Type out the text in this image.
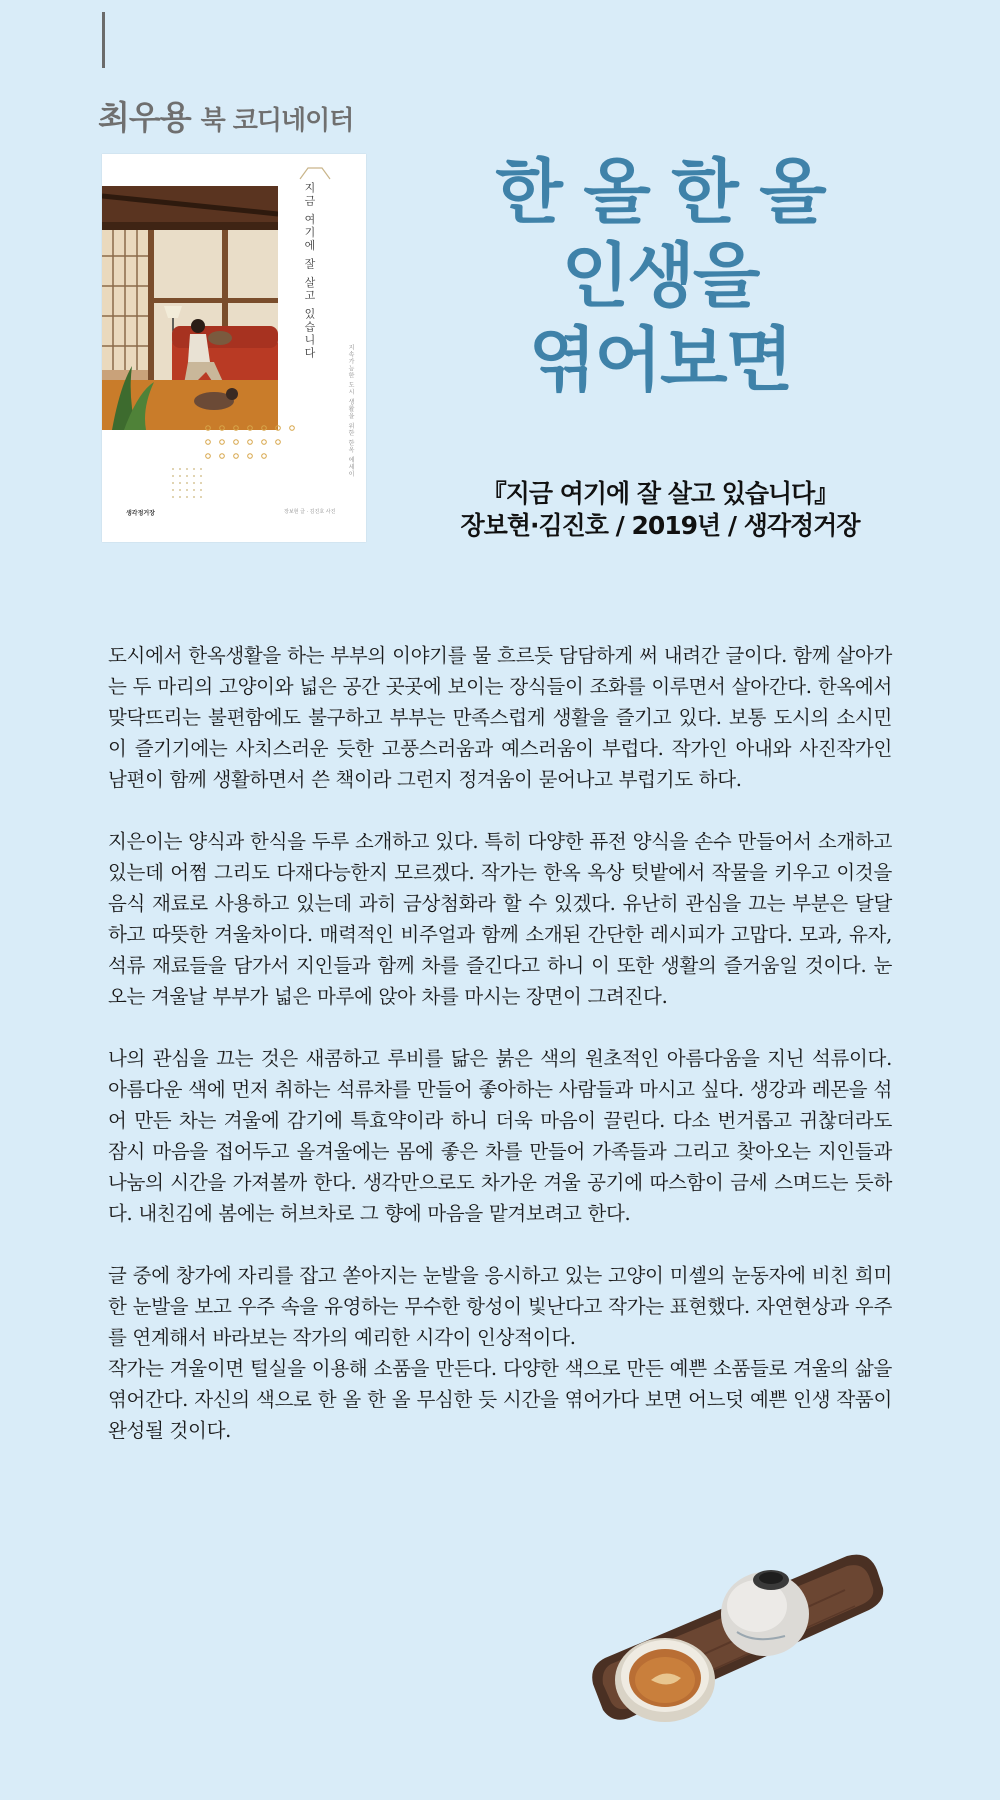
최우용 북 코디네이터
지금 여기에 잘 살고 있습니다
지속가능한 도시 생활을 위한 한옥 에세이
생각정거장	장보현 글 · 김진호 사진
한 올 한 올
인생을
엮어보면
『지금 여기에 잘 살고 있습니다』
장보현·김진호 / 2019년 / 생각정거장

도시에서 한옥생활을 하는 부부의 이야기를 물 흐르듯 담담하게 써 내려간 글이다. 함께 살아가는 두 마리의 고양이와 넓은 공간 곳곳에 보이는 장식들이 조화를 이루면서 살아간다. 한옥에서 맞닥뜨리는 불편함에도 불구하고 부부는 만족스럽게 생활을 즐기고 있다. 보통 도시의 소시민이 즐기기에는 사치스러운 듯한 고풍스러움과 예스러움이 부럽다. 작가인 아내와 사진작가인 남편이 함께 생활하면서 쓴 책이라 그런지 정겨움이 묻어나고 부럽기도 하다.

지은이는 양식과 한식을 두루 소개하고 있다. 특히 다양한 퓨전 양식을 손수 만들어서 소개하고 있는데 어쩜 그리도 다재다능한지 모르겠다. 작가는 한옥 옥상 텃밭에서 작물을 키우고 이것을 음식 재료로 사용하고 있는데 과히 금상첨화라 할 수 있겠다. 유난히 관심을 끄는 부분은 달달하고 따뜻한 겨울차이다. 매력적인 비주얼과 함께 소개된 간단한 레시피가 고맙다. 모과, 유자, 석류 재료들을 담가서 지인들과 함께 차를 즐긴다고 하니 이 또한 생활의 즐거움일 것이다. 눈 오는 겨울날 부부가 넓은 마루에 앉아 차를 마시는 장면이 그려진다.

나의 관심을 끄는 것은 새콤하고 루비를 닮은 붉은 색의 원초적인 아름다움을 지닌 석류이다. 아름다운 색에 먼저 취하는 석류차를 만들어 좋아하는 사람들과 마시고 싶다. 생강과 레몬을 섞어 만든 차는 겨울에 감기에 특효약이라 하니 더욱 마음이 끌린다. 다소 번거롭고 귀찮더라도 잠시 마음을 접어두고 올겨울에는 몸에 좋은 차를 만들어 가족들과 그리고 찾아오는 지인들과 나눔의 시간을 가져볼까 한다. 생각만으로도 차가운 겨울 공기에 따스함이 금세 스며드는 듯하다. 내친김에 봄에는 허브차로 그 향에 마음을 맡겨보려고 한다.

글 중에 창가에 자리를 잡고 쏟아지는 눈발을 응시하고 있는 고양이 미셸의 눈동자에 비친 희미한 눈발을 보고 우주 속을 유영하는 무수한 항성이 빛난다고 작가는 표현했다. 자연현상과 우주를 연계해서 바라보는 작가의 예리한 시각이 인상적이다.

작가는 겨울이면 털실을 이용해 소품을 만든다. 다양한 색으로 만든 예쁜 소품들로 겨울의 삶을 엮어간다. 자신의 색으로 한 올 한 올 무심한 듯 시간을 엮어가다 보면 어느덧 예쁜 인생 작품이 완성될 것이다.
